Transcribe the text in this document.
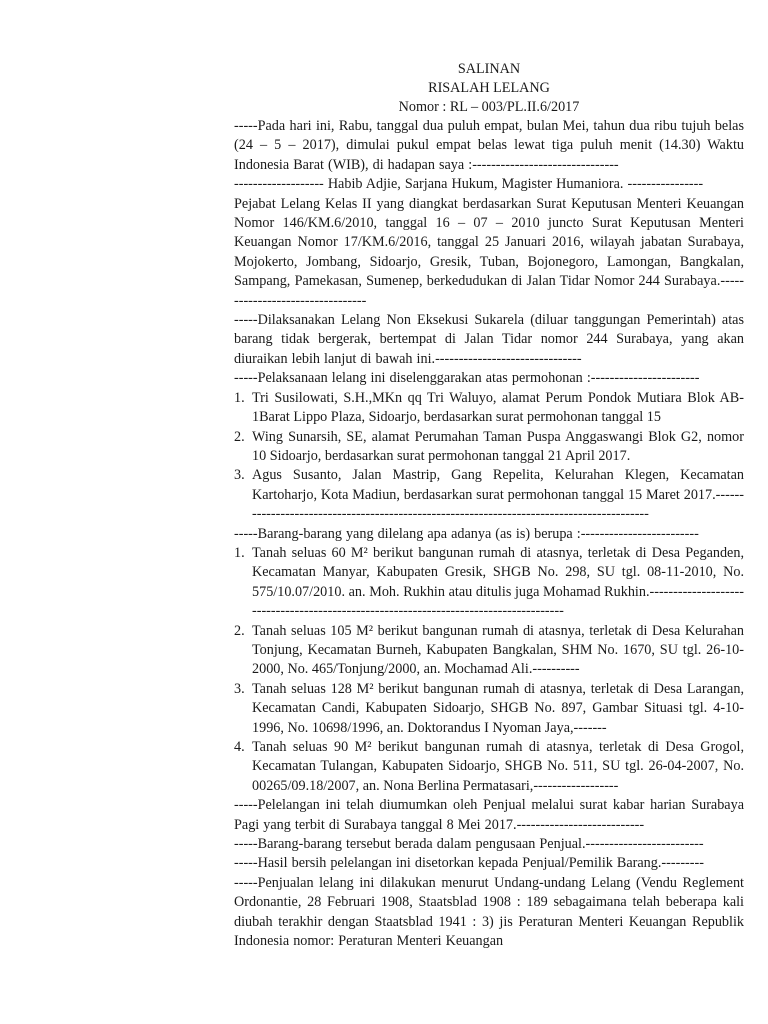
SALINAN
RISALAH LELANG
Nomor : RL – 003/PL.II.6/2017
-----Pada hari ini, Rabu, tanggal dua puluh empat, bulan Mei, tahun dua ribu tujuh belas (24 – 5 – 2017), dimulai pukul empat belas lewat tiga puluh menit (14.30) Waktu Indonesia Barat (WIB), di hadapan saya :-------------------------------
------------------- Habib Adjie, Sarjana Hukum, Magister Humaniora. ----------------
Pejabat Lelang Kelas II yang diangkat berdasarkan Surat Keputusan Menteri Keuangan Nomor 146/KM.6/2010, tanggal 16 – 07 – 2010 juncto Surat Keputusan Menteri Keuangan Nomor 17/KM.6/2016, tanggal 25 Januari 2016, wilayah jabatan Surabaya, Mojokerto, Jombang, Sidoarjo, Gresik, Tuban, Bojonegoro, Lamongan, Bangkalan, Sampang, Pamekasan, Sumenep, berkedudukan di Jalan Tidar Nomor 244 Surabaya.---------------------------------
-----Dilaksanakan Lelang Non Eksekusi Sukarela (diluar tanggungan Pemerintah) atas barang tidak bergerak, bertempat di Jalan Tidar nomor 244 Surabaya, yang akan diuraikan lebih lanjut di bawah ini.-------------------------------
-----Pelaksanaan lelang ini diselenggarakan atas permohonan :-----------------------
1. Tri Susilowati, S.H.,MKn qq Tri Waluyo, alamat Perum Pondok Mutiara Blok AB-1Barat Lippo Plaza, Sidoarjo, berdasarkan surat permohonan tanggal 15
2. Wing Sunarsih, SE, alamat Perumahan Taman Puspa Anggaswangi Blok G2, nomor 10 Sidoarjo, berdasarkan surat permohonan tanggal 21 April 2017.
3. Agus Susanto, Jalan Mastrip, Gang Repelita, Kelurahan Klegen, Kecamatan Kartoharjo, Kota Madiun, berdasarkan surat permohonan tanggal 15 Maret 2017.------------------------------------------------------------------------------------------
-----Barang-barang yang dilelang apa adanya (as is) berupa :-------------------------
1. Tanah seluas 60 M² berikut bangunan rumah di atasnya, terletak di Desa Peganden, Kecamatan Manyar, Kabupaten Gresik, SHGB No. 298, SU tgl. 08-11-2010, No. 575/10.07/2010. an. Moh. Rukhin atau ditulis juga Mohamad Rukhin.--------------------------------------------------------------------------------------
2. Tanah seluas 105 M² berikut bangunan rumah di atasnya, terletak di Desa Kelurahan Tonjung, Kecamatan Burneh, Kabupaten Bangkalan, SHM No. 1670, SU tgl. 26-10-2000, No. 465/Tonjung/2000, an. Mochamad Ali.----------
3. Tanah seluas 128 M² berikut bangunan rumah di atasnya, terletak di Desa Larangan, Kecamatan Candi, Kabupaten Sidoarjo, SHGB No. 897, Gambar Situasi tgl. 4-10-1996, No. 10698/1996, an. Doktorandus I Nyoman Jaya,-------
4. Tanah seluas 90 M² berikut bangunan rumah di atasnya, terletak di Desa Grogol, Kecamatan Tulangan, Kabupaten Sidoarjo, SHGB No. 511, SU tgl. 26-04-2007, No. 00265/09.18/2007, an. Nona Berlina Permatasari,------------------
-----Pelelangan ini telah diumumkan oleh Penjual melalui surat kabar harian Surabaya Pagi yang terbit di Surabaya tanggal 8 Mei 2017.---------------------------
-----Barang-barang tersebut berada dalam pengusaan Penjual.-------------------------
-----Hasil bersih pelelangan ini disetorkan kepada Penjual/Pemilik Barang.---------
-----Penjualan lelang ini dilakukan menurut Undang-undang Lelang (Vendu Reglement Ordonantie, 28 Februari 1908, Staatsblad 1908 : 189 sebagaimana telah beberapa kali diubah terakhir dengan Staatsblad 1941 : 3) jis Peraturan Menteri Keuangan Republik Indonesia nomor: Peraturan Menteri Keuangan
